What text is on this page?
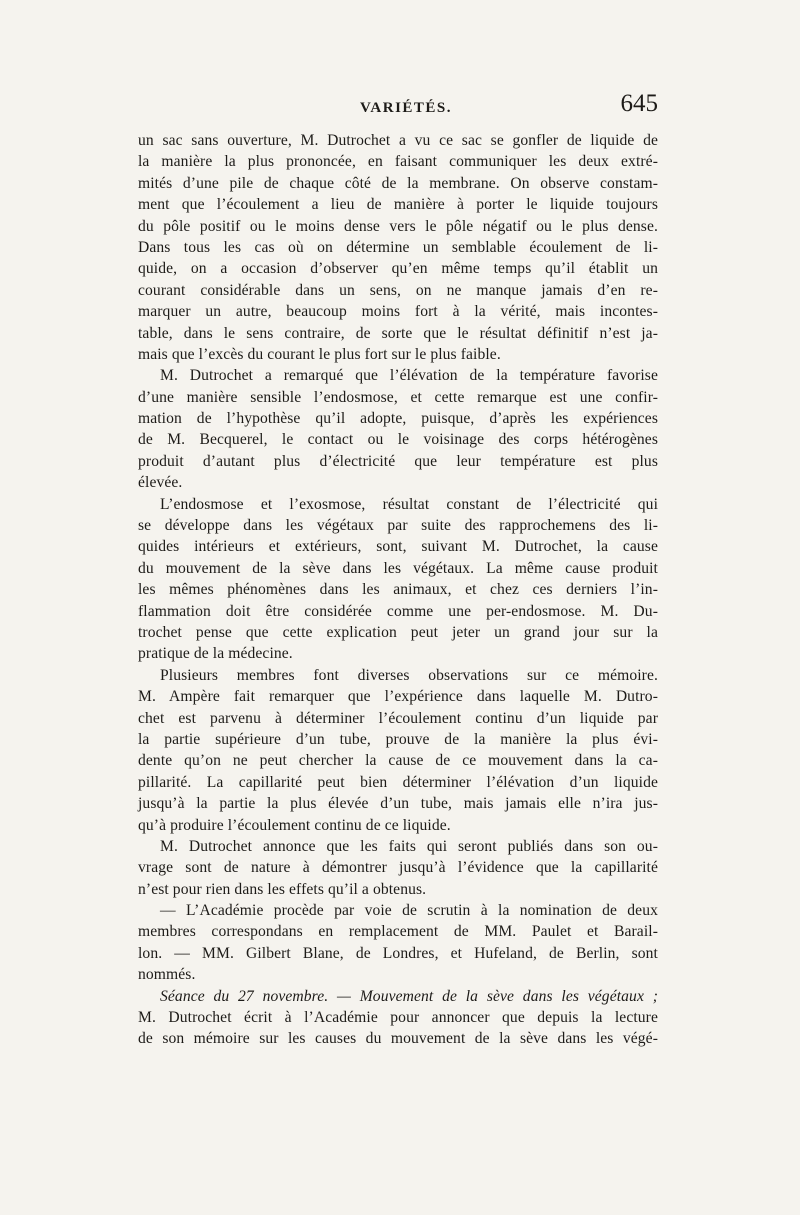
VARIÉTÉS.	645
un sac sans ouverture, M. Dutrochet a vu ce sac se gonfler de liquide de
la manière la plus prononcée, en faisant communiquer les deux extré-
mités d’une pile de chaque côté de la membrane. On observe constam-
ment que l’écoulement a lieu de manière à porter le liquide toujours
du pôle positif ou le moins dense vers le pôle négatif ou le plus dense.
Dans tous les cas où on détermine un semblable écoulement de li-
quide, on a occasion d’observer qu’en même temps qu’il établit un
courant considérable dans un sens, on ne manque jamais d’en re-
marquer un autre, beaucoup moins fort à la vérité, mais incontes-
table, dans le sens contraire, de sorte que le résultat définitif n’est ja-
mais que l’excès du courant le plus fort sur le plus faible.
M. Dutrochet a remarqué que l’élévation de la température favorise
d’une manière sensible l’endosmose, et cette remarque est une confir-
mation de l’hypothèse qu’il adopte, puisque, d’après les expériences
de M. Becquerel, le contact ou le voisinage des corps hétérogènes
produit d’autant plus d’électricité que leur température est plus
élevée.
L’endosmose et l’exosmose, résultat constant de l’électricité qui
se développe dans les végétaux par suite des rapprochemens des li-
quides intérieurs et extérieurs, sont, suivant M. Dutrochet, la cause
du mouvement de la sève dans les végétaux. La même cause produit
les mêmes phénomènes dans les animaux, et chez ces derniers l’in-
flammation doit être considérée comme une per-endosmose. M. Du-
trochet pense que cette explication peut jeter un grand jour sur la
pratique de la médecine.
Plusieurs membres font diverses observations sur ce mémoire.
M. Ampère fait remarquer que l’expérience dans laquelle M. Dutro-
chet est parvenu à déterminer l’écoulement continu d’un liquide par
la partie supérieure d’un tube, prouve de la manière la plus évi-
dente qu’on ne peut chercher la cause de ce mouvement dans la ca-
pillarité. La capillarité peut bien déterminer l’élévation d’un liquide
jusqu’à la partie la plus élevée d’un tube, mais jamais elle n’ira jus-
qu’à produire l’écoulement continu de ce liquide.
M. Dutrochet annonce que les faits qui seront publiés dans son ou-
vrage sont de nature à démontrer jusqu’à l’évidence que la capillarité
n’est pour rien dans les effets qu’il a obtenus.
— L’Académie procède par voie de scrutin à la nomination de deux
membres correspondans en remplacement de MM. Paulet et Barail-
lon. — MM. Gilbert Blane, de Londres, et Hufeland, de Berlin, sont
nommés.
Séance du 27 novembre. — Mouvement de la sève dans les végétaux ;
M. Dutrochet écrit à l’Académie pour annoncer que depuis la lecture
de son mémoire sur les causes du mouvement de la sève dans les végé-
